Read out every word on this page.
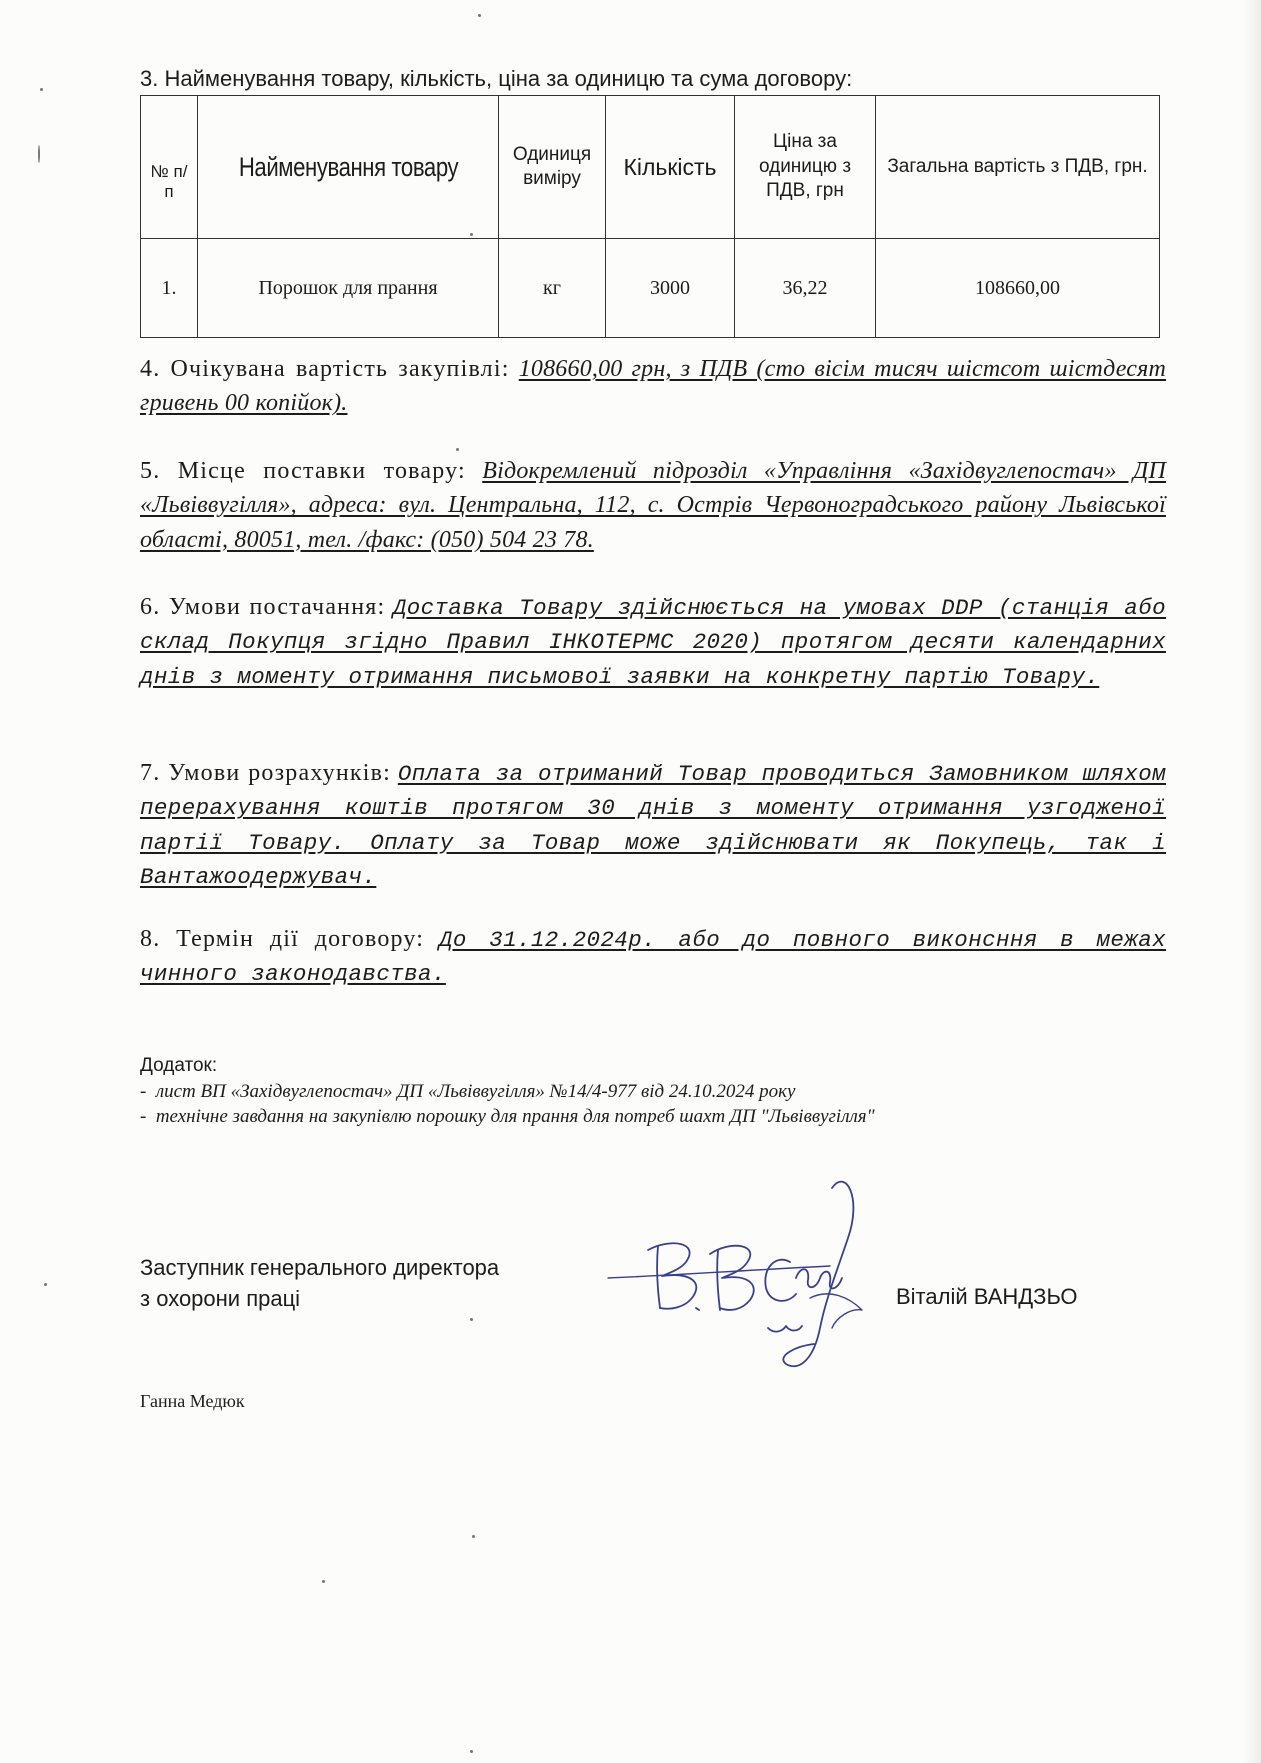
3. Найменування товару, кількість, ціна за одиницю та сума договору:
№ п/п	Найменування товару	Одиниця виміру	Кількість	Ціна за одиницю з ПДВ, грн	Загальна вартість з ПДВ, грн.
1.	Порошок для прання	кг	3000	36,22	108660,00
4. Очікувана вартість закупівлі: 108660,00 грн, з ПДВ (сто вісім тисяч шістсот шістдесят гривень 00 копійок).
5. Місце поставки товару: Відокремлений підрозділ «Управління «Західвуглепостач» ДП «Львіввугілля», адреса: вул. Центральна, 112, с. Острів Червоноградського району Львівської області, 80051, тел. /факс: (050) 504 23 78.
6. Умови постачання: Доставка Товару здійснюється на умовах DDP (станція або склад Покупця згідно Правил ІНКОТЕРМС 2020) протягом десяти календарних днів з моменту отримання письмової заявки на конкретну партію Товару.
7. Умови розрахунків: Оплата за отриманий Товар проводиться Замовником шляхом перерахування коштів протягом 30 днів з моменту отримання узгодженої партії Товару. Оплату за Товар може здійснювати як Покупець, так і Вантажоодержувач.
8. Термін дії договору: До 31.12.2024р. або до повного виконсння в межах чинного законодавства.
Додаток:
-  лист ВП «Західвуглепостач» ДП «Львіввугілля» №14/4-977 від 24.10.2024 року
-  технічне завдання на закупівлю порошку для прання для потреб шахт ДП "Львіввугілля"
Заступник генерального директора
з охорони праці	Віталій ВАНДЗЬО
Ганна Медюк
